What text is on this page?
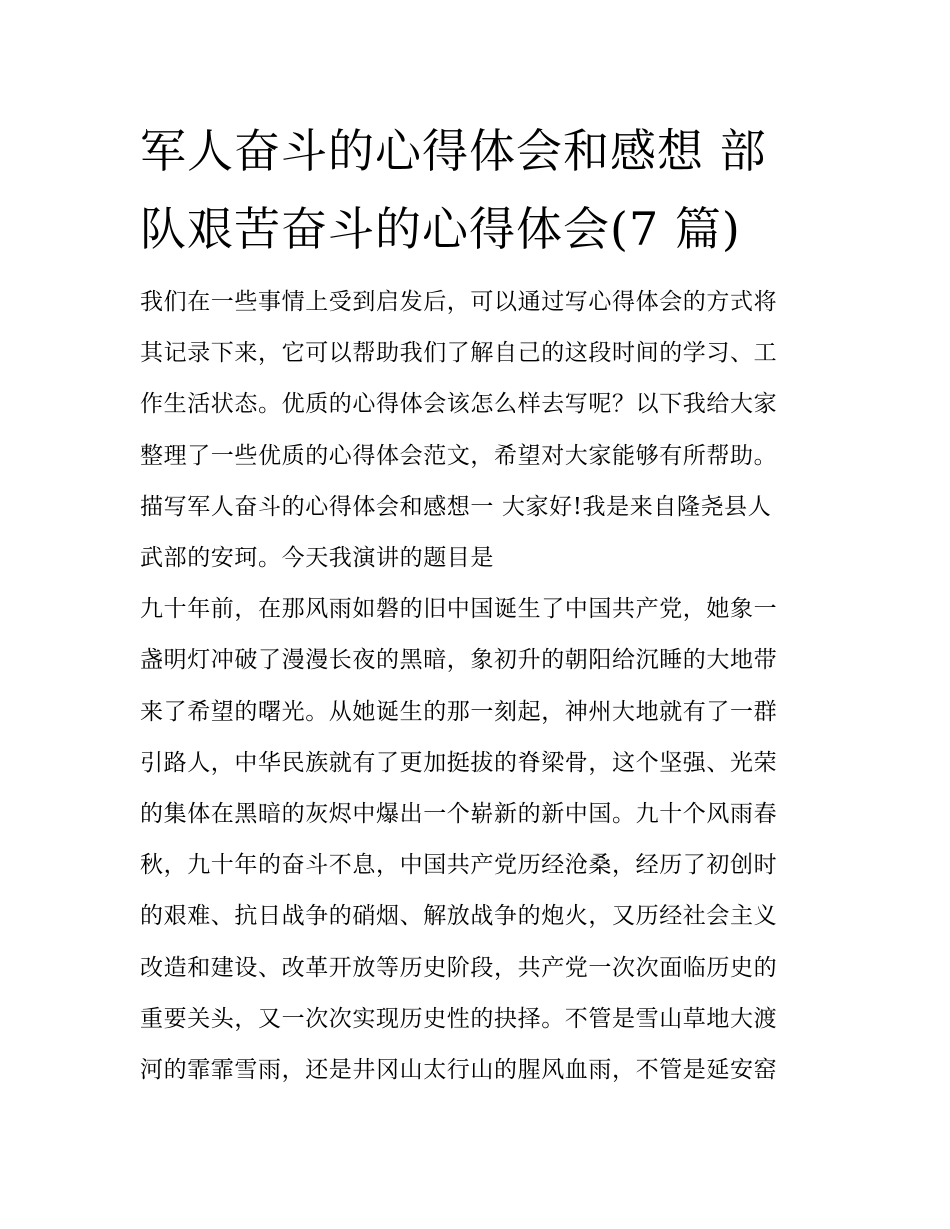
军人奋斗的心得体会和感想 部
队艰苦奋斗的心得体会(7 篇)
我们在一些事情上受到启发后，可以通过写心得体会的方式将
其记录下来，它可以帮助我们了解自己的这段时间的学习、工
作生活状态。优质的心得体会该怎么样去写呢？以下我给大家
整理了一些优质的心得体会范文，希望对大家能够有所帮助。
描写军人奋斗的心得体会和感想一 大家好!我是来自隆尧县人
武部的安珂。今天我演讲的题目是
九十年前，在那风雨如磐的旧中国诞生了中国共产党，她象一
盏明灯冲破了漫漫长夜的黑暗，象初升的朝阳给沉睡的大地带
来了希望的曙光。从她诞生的那一刻起，神州大地就有了一群
引路人，中华民族就有了更加挺拔的脊梁骨，这个坚强、光荣
的集体在黑暗的灰烬中爆出一个崭新的新中国。九十个风雨春
秋，九十年的奋斗不息，中国共产党历经沧桑，经历了初创时
的艰难、抗日战争的硝烟、解放战争的炮火，又历经社会主义
改造和建设、改革开放等历史阶段，共产党一次次面临历史的
重要关头，又一次次实现历史性的抉择。不管是雪山草地大渡
河的霏霏雪雨，还是井冈山太行山的腥风血雨，不管是延安窑
